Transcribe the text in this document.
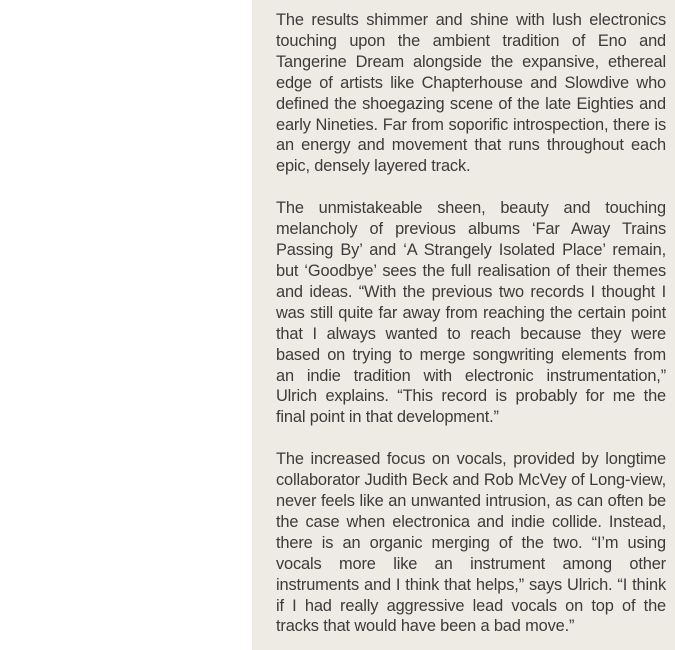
The results shimmer and shine with lush electronics touching upon the ambient tradition of Eno and Tangerine Dream alongside the expansive, ethereal edge of artists like Chapterhouse and Slowdive who defined the shoegazing scene of the late Eighties and early Nineties. Far from soporific introspection, there is an energy and movement that runs throughout each epic, densely layered track.

The unmistakeable sheen, beauty and touching melancholy of previous albums ‘Far Away Trains Passing By’ and ‘A Strangely Isolated Place’ remain, but ‘Goodbye’ sees the full realisation of their themes and ideas. “With the previous two records I thought I was still quite far away from reaching the certain point that I always wanted to reach because they were based on trying to merge songwriting elements from an indie tradition with electronic instrumentation,” Ulrich explains. “This record is probably for me the final point in that development.”

The increased focus on vocals, provided by longtime collaborator Judith Beck and Rob McVey of Long-view, never feels like an unwanted intrusion, as can often be the case when electronica and indie collide. Instead, there is an organic merging of the two. “I’m using vocals more like an instrument among other instruments and I think that helps,” says Ulrich. “I think if I had really aggressive lead vocals on top of the tracks that would have been a bad move.”
